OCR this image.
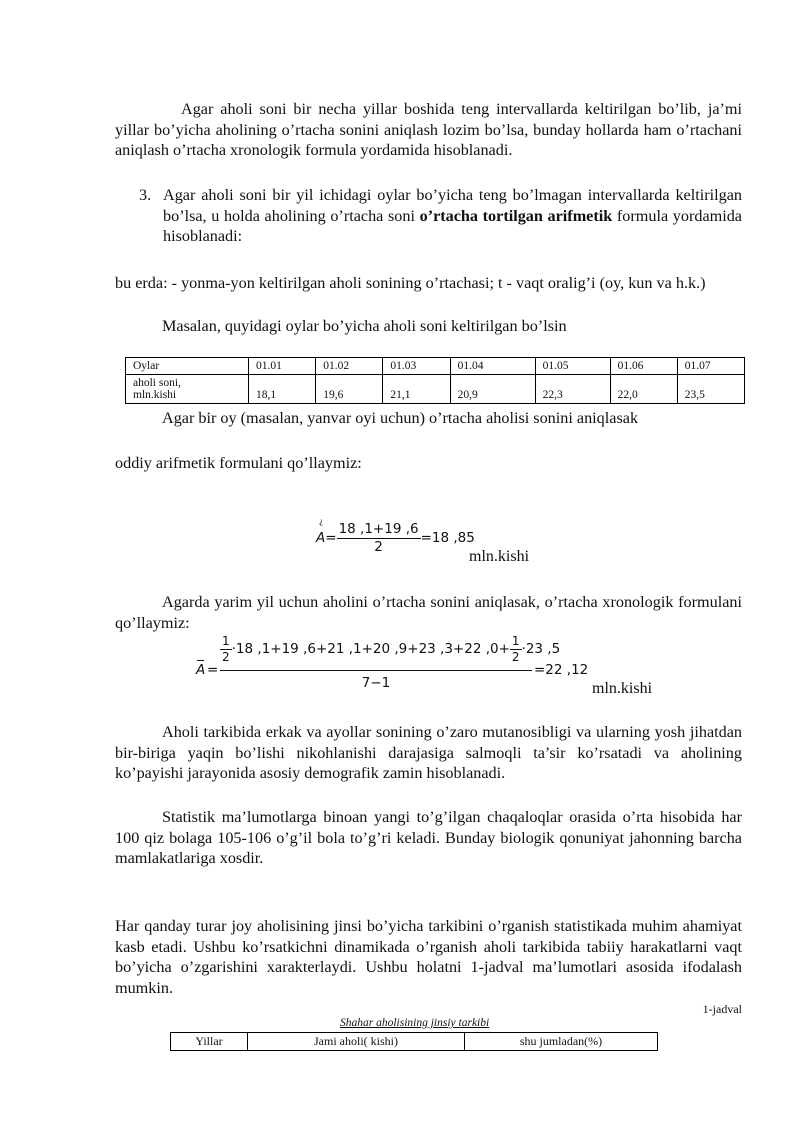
Agar aholi soni bir necha yillar boshida teng intervallarda keltirilgan bo’lib, ja’mi yillar bo’yicha aholining o’rtacha sonini aniqlash lozim bo’lsa, bunday hollarda ham o’rtachani aniqlash o’rtacha xronologik formula yordamida hisoblanadi.

3. Agar aholi soni bir yil ichidagi oylar bo’yicha teng bo’lmagan intervallarda keltirilgan bo’lsa, u holda aholining o’rtacha soni o’rtacha tortilgan arifmetik formula yordamida hisoblanadi:

bu erda: - yonma-yon keltirilgan aholi sonining o’rtachasi; t - vaqt oralig’i (oy, kun va h.k.)

Masalan, quyidagi oylar bo’yicha aholi soni keltirilgan bo’lsin

Oylar	01.01	01.02	01.03	01.04	01.05	01.06	01.07
aholi soni,
mln.kishi	18,1	19,6	21,1	20,9	22,3	22,0	23,5

Agar bir oy (masalan, yanvar oyi uchun) o’rtacha aholisi sonini aniqlasak

oddiy arifmetik formulani qo’llaymiz:

¿
$A= \frac{18 ,1+19 ,6}{2} =18$ ,85
mln.kishi

Agarda yarim yil uchun aholini o’rtacha sonini aniqlasak, o’rtacha xronologik formulani qo’llaymiz:

A =
$\frac{1}{2} \cdot 18$ ,1+19 ,6+21 ,1+20 ,9+23 ,3+22 $,0+ \frac{1}{2} \cdot 23$ ,5
7−1
=22 ,12
mln.kishi

Aholi tarkibida erkak va ayollar sonining o’zaro mutanosibligi va ularning yosh jihatdan bir-biriga yaqin bo’lishi nikohlanishi darajasiga salmoqli ta’sir ko’rsatadi va aholining ko’payishi jarayonida asosiy demografik zamin hisoblanadi.

Statistik ma’lumotlarga binoan yangi to’g’ilgan chaqaloqlar orasida o’rta hisobida har 100 qiz bolaga 105-106 o’g’il bola to’g’ri keladi. Bunday biologik qonuniyat jahonning barcha mamlakatlariga xosdir.

Har qanday turar joy aholisining jinsi bo’yicha tarkibini o’rganish statistikada muhim ahamiyat kasb etadi. Ushbu ko’rsatkichni dinamikada o’rganish aholi tarkibida tabiiy harakatlarni vaqt bo’yicha o’zgarishini xarakterlaydi. Ushbu holatni 1-jadval ma’lumotlari asosida ifodalash mumkin.

1-jadval
Shahar aholisining jinsiy tarkibi
Yillar	Jami aholi( kishi)	shu jumladan(%)
